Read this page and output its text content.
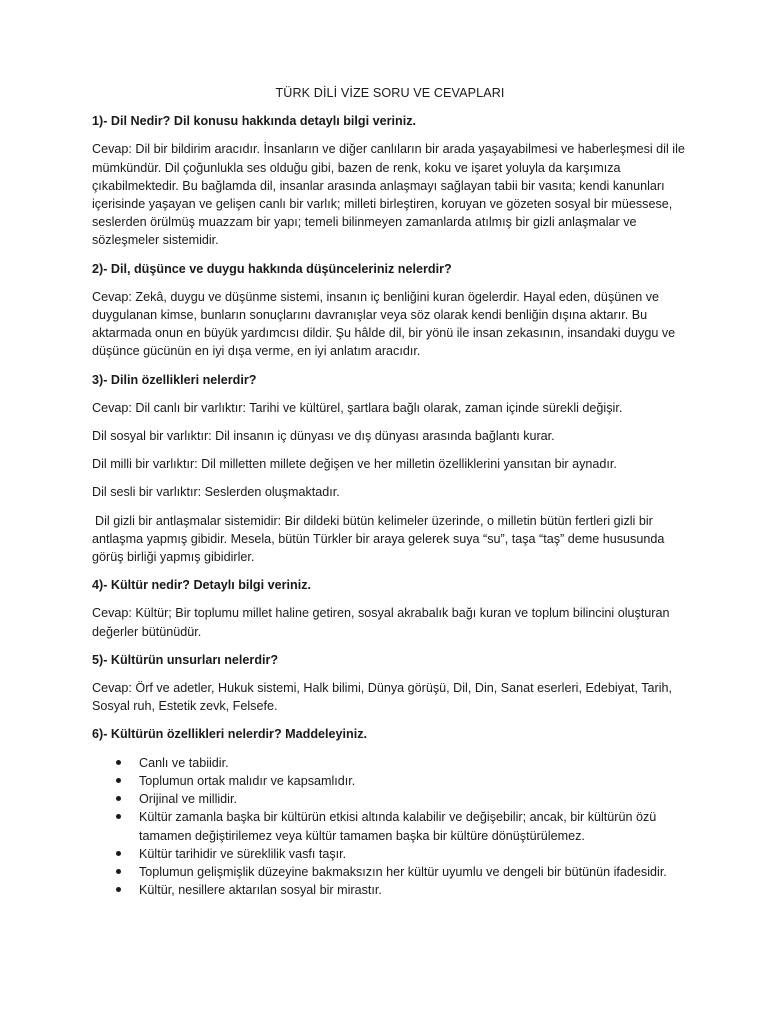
TÜRK DİLİ VİZE SORU VE CEVAPLARI
1)- Dil Nedir? Dil konusu hakkında detaylı bilgi veriniz.
Cevap: Dil bir bildirim aracıdır. İnsanların ve diğer canlıların bir arada yaşayabilmesi ve haberleşmesi dil ile mümkündür. Dil çoğunlukla ses olduğu gibi, bazen de renk, koku ve işaret yoluyla da karşımıza çıkabilmektedir. Bu bağlamda dil, insanlar arasında anlaşmayı sağlayan tabii bir vasıta; kendi kanunları içerisinde yaşayan ve gelişen canlı bir varlık; milleti birleştiren, koruyan ve gözeten sosyal bir müessese, seslerden örülmüş muazzam bir yapı; temeli bilinmeyen zamanlarda atılmış bir gizli anlaşmalar ve sözleşmeler sistemidir.
2)- Dil, düşünce ve duygu hakkında düşünceleriniz nelerdir?
Cevap: Zekâ, duygu ve düşünme sistemi, insanın iç benliğini kuran ögelerdir. Hayal eden, düşünen ve duygulanan kimse, bunların sonuçlarını davranışlar veya söz olarak kendi benliğin dışına aktarır. Bu aktarmada onun en büyük yardımcısı dildir. Şu hâlde dil, bir yönü ile insan zekasının, insandaki duygu ve düşünce gücünün en iyi dışa verme, en iyi anlatım aracıdır.
3)- Dilin özellikleri nelerdir?
Cevap: Dil canlı bir varlıktır: Tarihi ve kültürel, şartlara bağlı olarak, zaman içinde sürekli değişir.
Dil sosyal bir varlıktır: Dil insanın iç dünyası ve dış dünyası arasında bağlantı kurar.
Dil milli bir varlıktır: Dil milletten millete değişen ve her milletin özelliklerini yansıtan bir aynadır.
Dil sesli bir varlıktır: Seslerden oluşmaktadır.
Dil gizli bir antlaşmalar sistemidir: Bir dildeki bütün kelimeler üzerinde, o milletin bütün fertleri gizli bir antlaşma yapmış gibidir. Mesela, bütün Türkler bir araya gelerek suya “su”, taşa “taş” deme hususunda görüş birliği yapmış gibidirler.
4)- Kültür nedir? Detaylı bilgi veriniz.
Cevap: Kültür; Bir toplumu millet haline getiren, sosyal akrabalık bağı kuran ve toplum bilincini oluşturan değerler bütünüdür.
5)- Kültürün unsurları nelerdir?
Cevap: Örf ve adetler, Hukuk sistemi, Halk bilimi, Dünya görüşü, Dil, Din, Sanat eserleri, Edebiyat, Tarih, Sosyal ruh, Estetik zevk, Felsefe.
6)- Kültürün özellikleri nelerdir? Maddeleyiniz.
Canlı ve tabiidir.
Toplumun ortak malıdır ve kapsamlıdır.
Orijinal ve millidir.
Kültür zamanla başka bir kültürün etkisi altında kalabilir ve değişebilir; ancak, bir kültürün özü tamamen değiştirilemez veya kültür tamamen başka bir kültüre dönüştürülemez.
Kültür tarihidir ve süreklilik vasfı taşır.
Toplumun gelişmişlik düzeyine bakmaksızın her kültür uyumlu ve dengeli bir bütünün ifadesidir.
Kültür, nesillere aktarılan sosyal bir mirastır.
